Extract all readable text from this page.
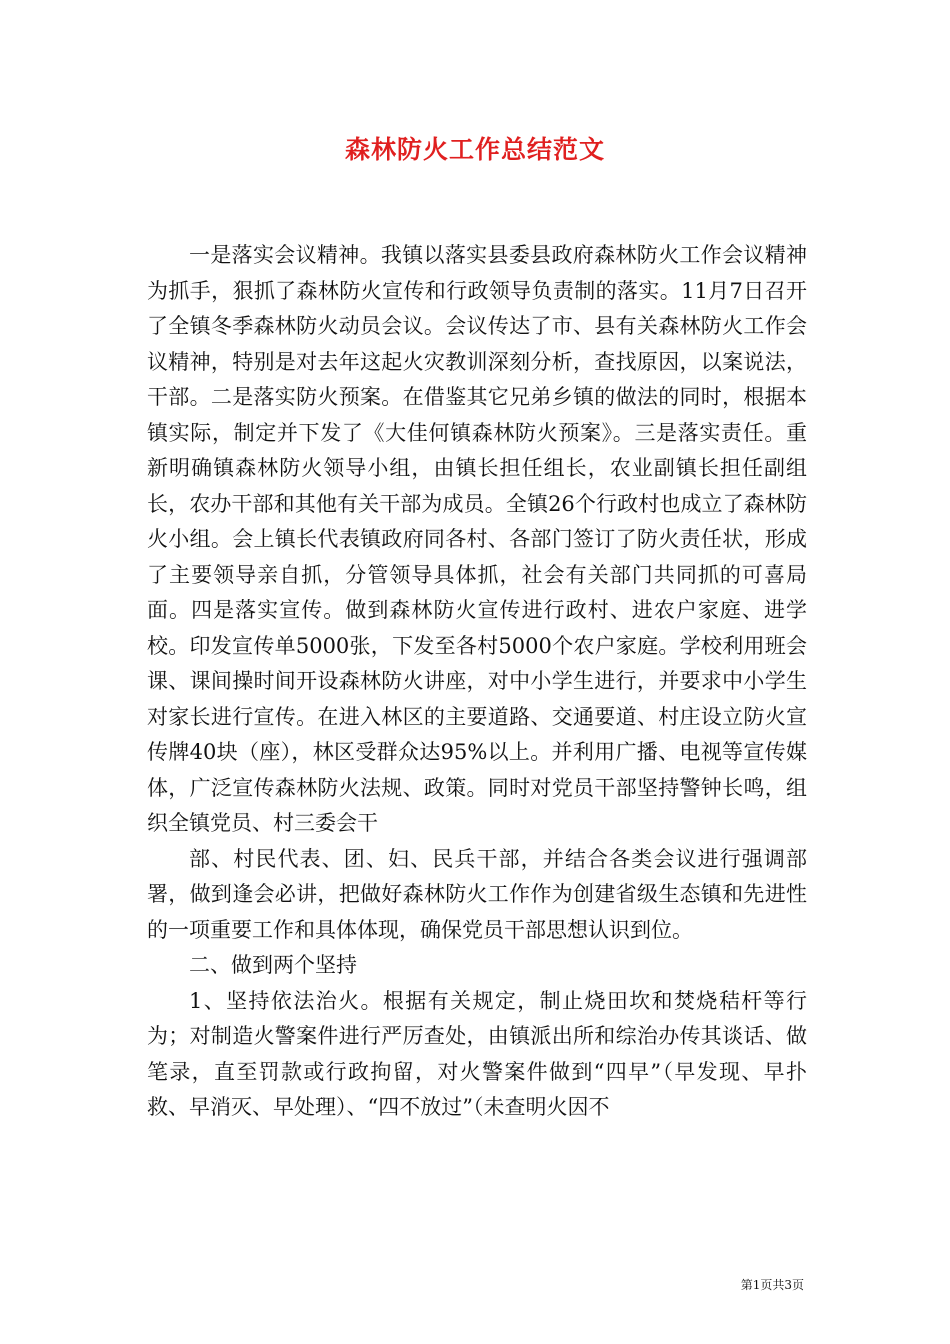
森林防火工作总结范文

一是落实会议精神。我镇以落实县委县政府森林防火工作会议精神为抓手，狠抓了森林防火宣传和行政领导负责制的落实。11月7日召开了全镇冬季森林防火动员会议。会议传达了市、县有关森林防火工作会议精神，特别是对去年这起火灾教训深刻分析，查找原因，以案说法，干部。二是落实防火预案。在借鉴其它兄弟乡镇的做法的同时，根据本镇实际，制定并下发了《大佳何镇森林防火预案》。三是落实责任。重新明确镇森林防火领导小组，由镇长担任组长，农业副镇长担任副组长，农办干部和其他有关干部为成员。全镇26个行政村也成立了森林防火小组。会上镇长代表镇政府同各村、各部门签订了防火责任状，形成了主要领导亲自抓，分管领导具体抓，社会有关部门共同抓的可喜局面。四是落实宣传。做到森林防火宣传进行政村、进农户家庭、进学校。印发宣传单5000张，下发至各村5000个农户家庭。学校利用班会课、课间操时间开设森林防火讲座，对中小学生进行，并要求中小学生对家长进行宣传。在进入林区的主要道路、交通要道、村庄设立防火宣传牌40块（座），林区受群众达95%以上。并利用广播、电视等宣传媒体，广泛宣传森林防火法规、政策。同时对党员干部坚持警钟长鸣，组织全镇党员、村三委会干

部、村民代表、团、妇、民兵干部，并结合各类会议进行强调部署，做到逢会必讲，把做好森林防火工作作为创建省级生态镇和先进性的一项重要工作和具体体现，确保党员干部思想认识到位。

二、做到两个坚持

1、坚持依法治火。根据有关规定，制止烧田坎和焚烧秸杆等行为；对制造火警案件进行严厉查处，由镇派出所和综治办传其谈话、做笔录，直至罚款或行政拘留，对火警案件做到“四早”（早发现、早扑救、早消灭、早处理）、“四不放过”（未查明火因不

第1页共3页
